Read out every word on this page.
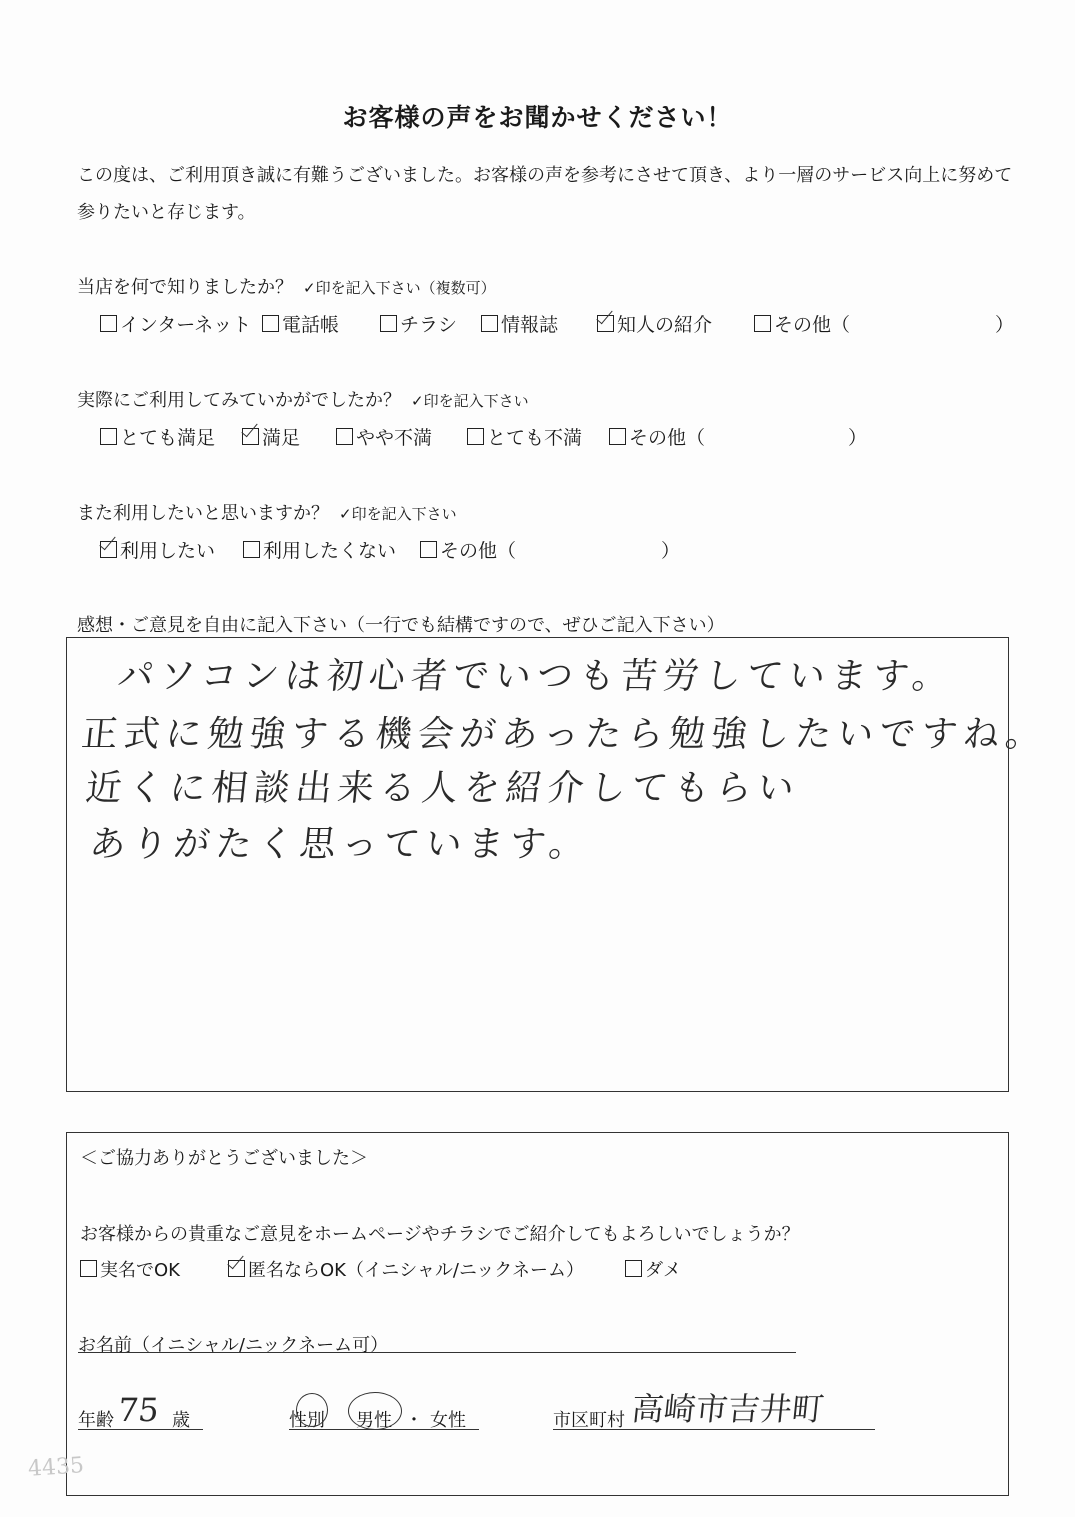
お客様の声をお聞かせください！
この度は、ご利用頂き誠に有難うございました。お客様の声を参考にさせて頂き、より一層のサービス向上に努めて参りたいと存じます。
当店を何で知りましたか？ ✓印を記入下さい（複数可）
インターネット	電話帳	チラシ	情報誌	知人の紹介	その他（	）
実際にご利用してみていかがでしたか？ ✓印を記入下さい
とても満足	満足	やや不満	とても不満	その他（	）
また利用したいと思いますか？ ✓印を記入下さい
利用したい	利用したくない	その他（	）
感想・ご意見を自由に記入下さい（一行でも結構ですので、ぜひご記入下さい）
パソコンは初心者でいつも苦労しています。
正式に勉強する機会があったら勉強したいですね。
近くに相談出来る人を紹介してもらい
ありがたく思っています。
＜ご協力ありがとうございました＞
お客様からの貴重なご意見をホームページやチラシでご紹介してもよろしいでしょうか？
実名でOK	匿名ならOK（イニシャル/ニックネーム）	ダメ
お名前（イニシャル/ニックネーム可）
年齢 75 歳	性別 男性 ・ 女性	市区町村 高崎市吉井町
4435
